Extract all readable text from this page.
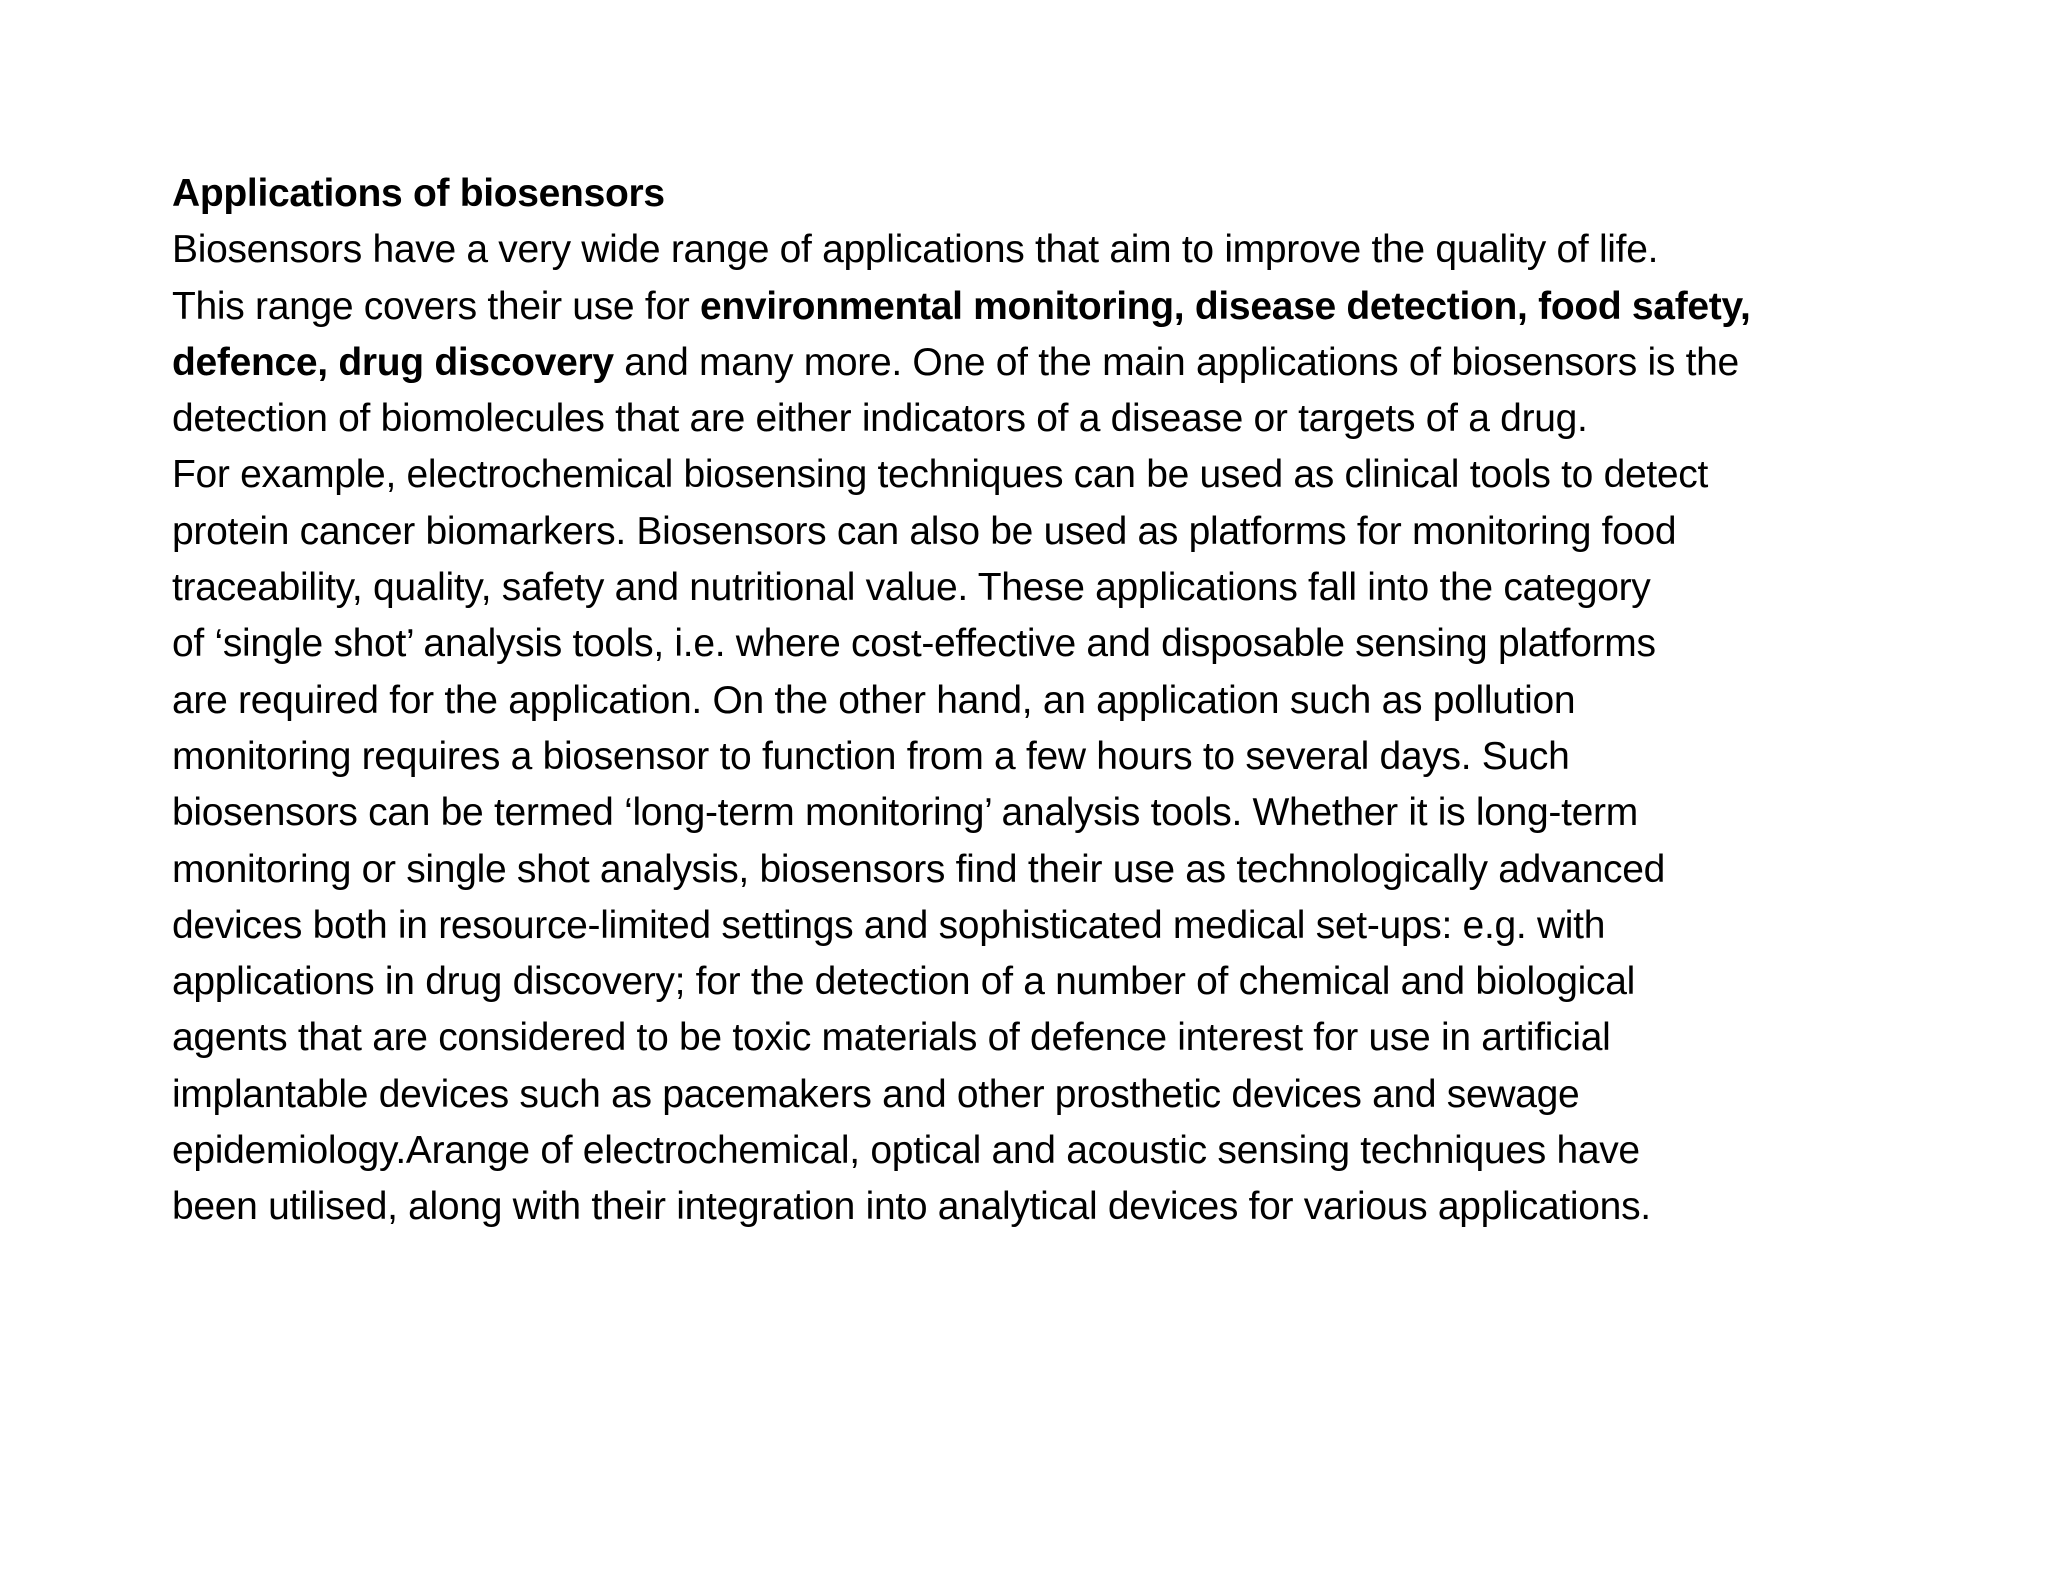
Applications of biosensors
Biosensors have a very wide range of applications that aim to improve the quality of life.
This range covers their use for environmental monitoring, disease detection, food safety,
defence, drug discovery and many more. One of the main applications of biosensors is the
detection of biomolecules that are either indicators of a disease or targets of a drug.
For example, electrochemical biosensing techniques can be used as clinical tools to detect
protein cancer biomarkers. Biosensors can also be used as platforms for monitoring food
traceability, quality, safety and nutritional value. These applications fall into the category
of ‘single shot’ analysis tools, i.e. where cost-effective and disposable sensing platforms
are required for the application. On the other hand, an application such as pollution
monitoring requires a biosensor to function from a few hours to several days. Such
biosensors can be termed ‘long-term monitoring’ analysis tools. Whether it is long-term
monitoring or single shot analysis, biosensors find their use as technologically advanced
devices both in resource-limited settings and sophisticated medical set-ups: e.g. with
applications in drug discovery; for the detection of a number of chemical and biological
agents that are considered to be toxic materials of defence interest for use in artificial
implantable devices such as pacemakers and other prosthetic devices and sewage
epidemiology.Arange of electrochemical, optical and acoustic sensing techniques have
been utilised, along with their integration into analytical devices for various applications.
